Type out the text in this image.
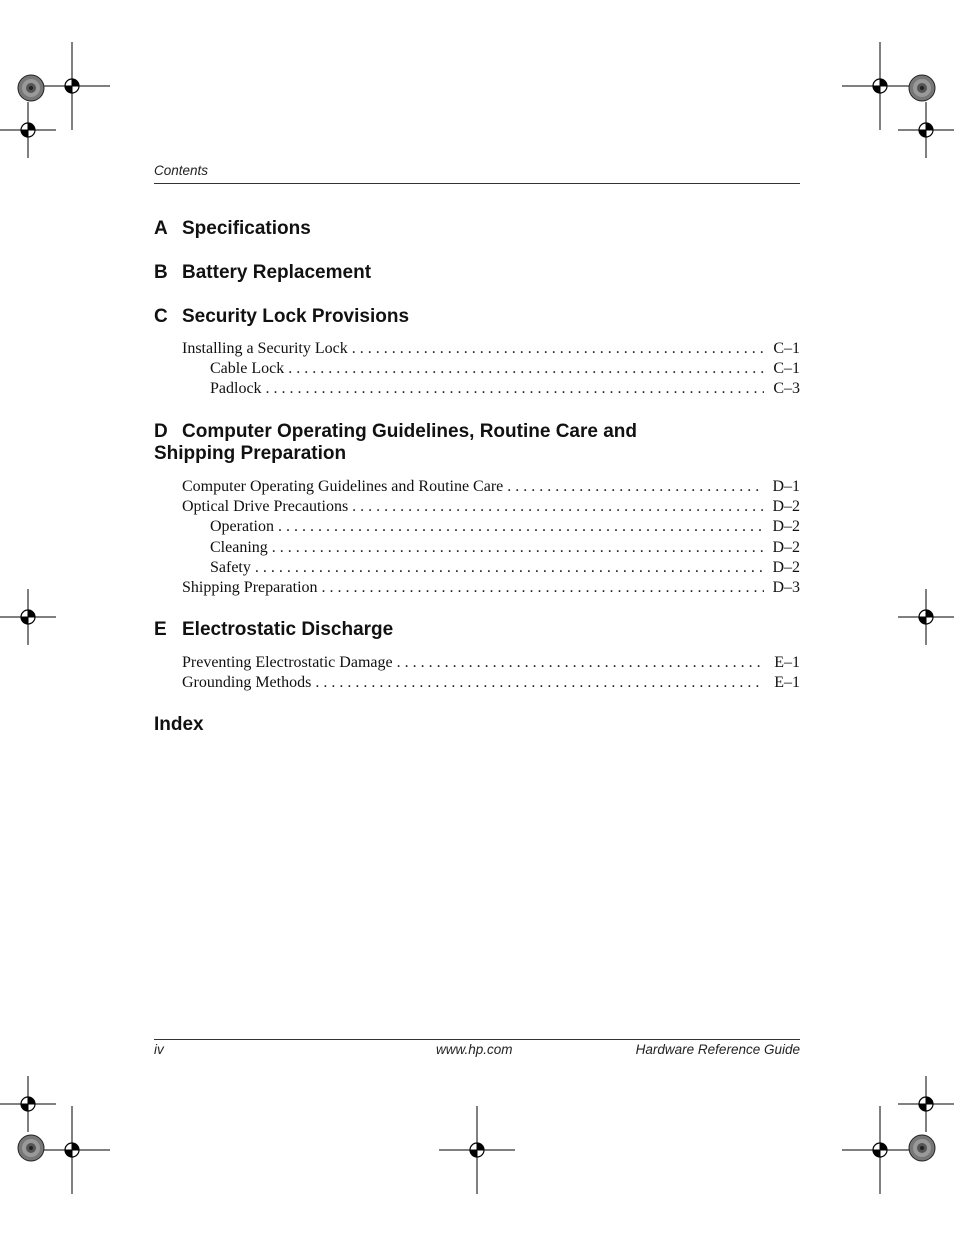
Contents
A Specifications
B Battery Replacement
C Security Lock Provisions
Installing a Security Lock . . .	C–1
Cable Lock . . .	C–1
Padlock . . .	C–3
D Computer Operating Guidelines, Routine Care and
Shipping Preparation
Computer Operating Guidelines and Routine Care . . .	D–1
Optical Drive Precautions . . .	D–2
Operation . . .	D–2
Cleaning . . .	D–2
Safety . . .	D–2
Shipping Preparation . . .	D–3
E Electrostatic Discharge
Preventing Electrostatic Damage . . .	E–1
Grounding Methods . . .	E–1
Index
iv	www.hp.com	Hardware Reference Guide
